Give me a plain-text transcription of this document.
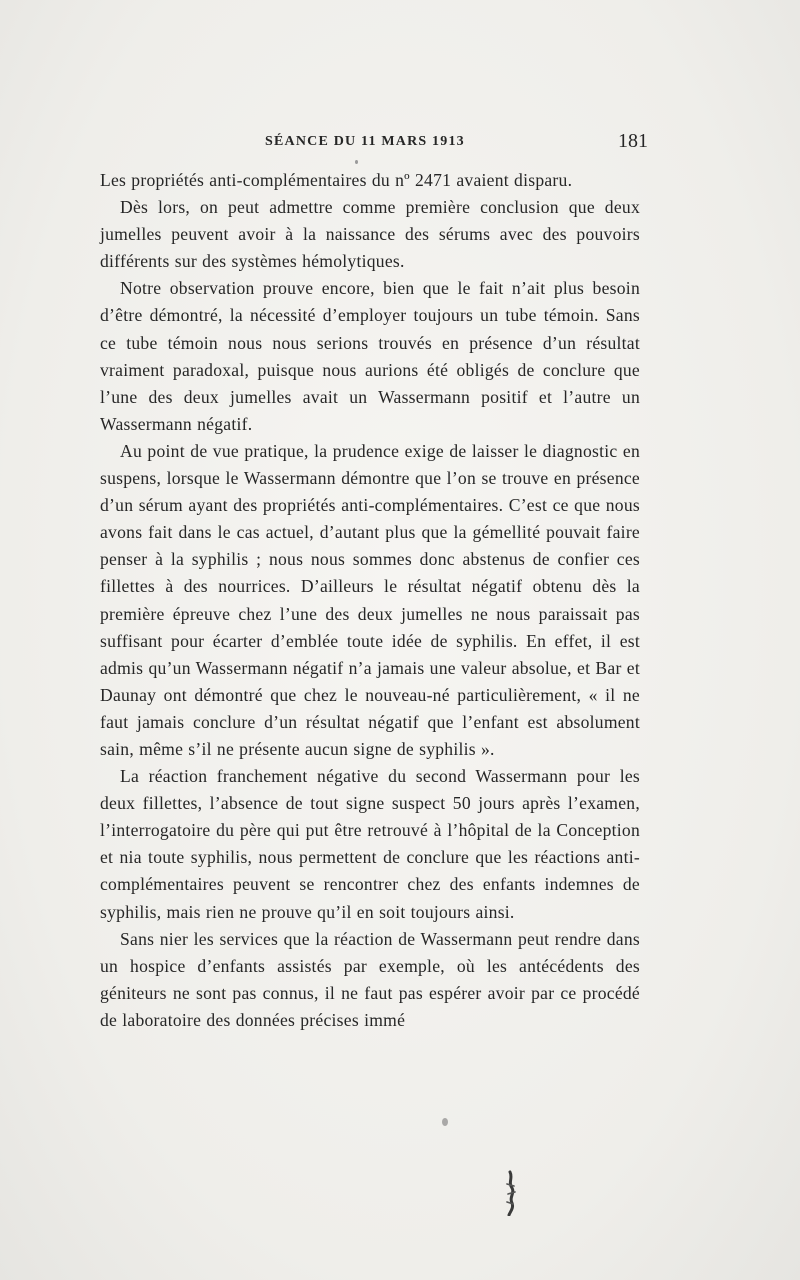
SÉANCE DU 11 MARS 1913	181

Les propriétés anti-complémentaires du nº 2471 avaient disparu.

Dès lors, on peut admettre comme première conclusion que deux jumelles peuvent avoir à la naissance des sérums avec des pouvoirs différents sur des systèmes hémolytiques.

Notre observation prouve encore, bien que le fait n’ait plus besoin d’être démontré, la nécessité d’employer toujours un tube témoin. Sans ce tube témoin nous nous serions trouvés en présence d’un résultat vraiment paradoxal, puisque nous aurions été obligés de conclure que l’une des deux jumelles avait un Wassermann positif et l’autre un Wassermann négatif.

Au point de vue pratique, la prudence exige de laisser le diagnostic en suspens, lorsque le Wassermann démontre que l’on se trouve en présence d’un sérum ayant des propriétés anti-complémentaires. C’est ce que nous avons fait dans le cas actuel, d’autant plus que la gémellité pouvait faire penser à la syphilis ; nous nous sommes donc abstenus de confier ces fillettes à des nourrices. D’ailleurs le résultat négatif obtenu dès la première épreuve chez l’une des deux jumelles ne nous paraissait pas suffisant pour écarter d’emblée toute idée de syphilis. En effet, il est admis qu’un Wassermann négatif n’a jamais une valeur absolue, et Bar et Daunay ont démontré que chez le nouveau-né particulièrement, « il ne faut jamais conclure d’un résultat négatif que l’enfant est absolument sain, même s’il ne présente aucun signe de syphilis ».

La réaction franchement négative du second Wassermann pour les deux fillettes, l’absence de tout signe suspect 50 jours après l’examen, l’interrogatoire du père qui put être retrouvé à l’hôpital de la Conception et nia toute syphilis, nous permettent de conclure que les réactions anti-complémentaires peuvent se rencontrer chez des enfants indemnes de syphilis, mais rien ne prouve qu’il en soit toujours ainsi.

Sans nier les services que la réaction de Wassermann peut rendre dans un hospice d’enfants assistés par exemple, où les antécédents des géniteurs ne sont pas connus, il ne faut pas espérer avoir par ce procédé de laboratoire des données précises immé
